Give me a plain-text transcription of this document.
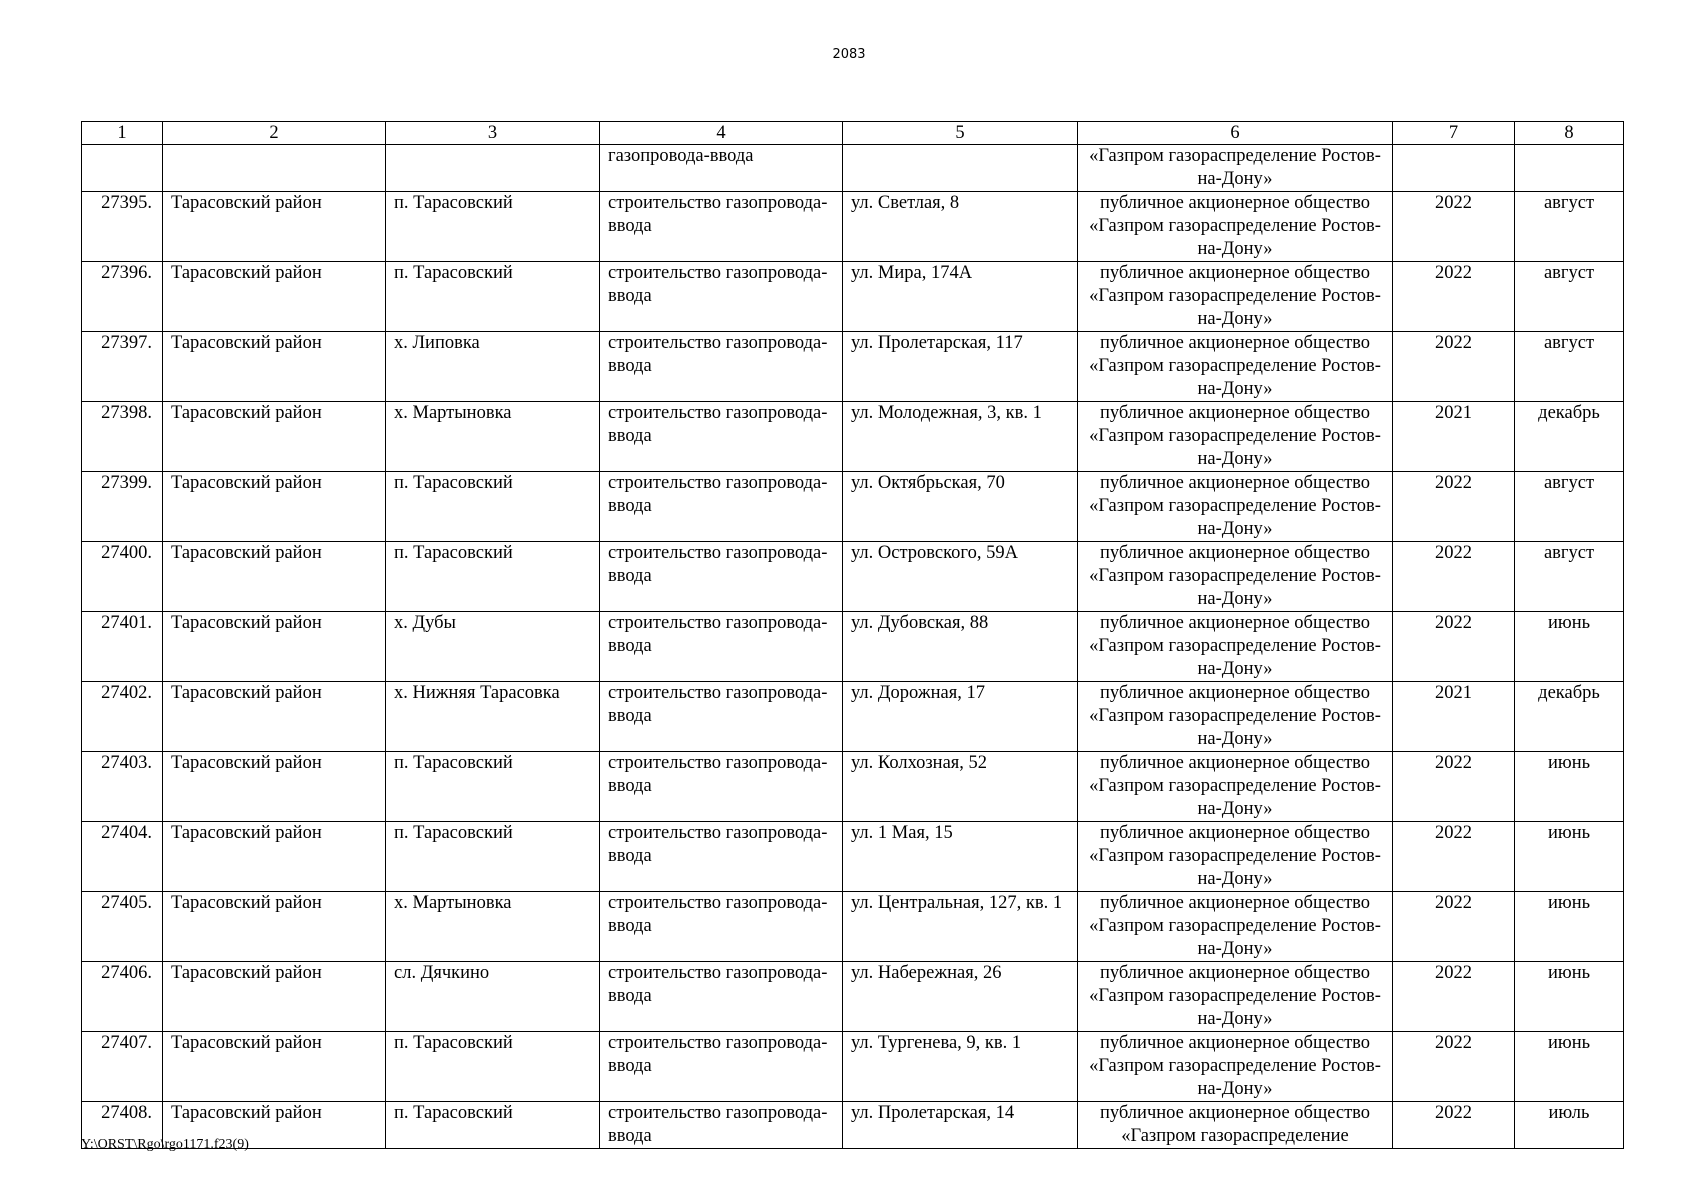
2083
1	2	3	4	5	6	7	8
			газопровода-ввода		«Газпром газораспределение Ростов-на-Дону»		
27395.	Тарасовский район	п. Тарасовский	строительство газопровода-ввода	ул. Светлая, 8	публичное акционерное общество «Газпром газораспределение Ростов-на-Дону»	2022	август
27396.	Тарасовский район	п. Тарасовский	строительство газопровода-ввода	ул. Мира, 174А	публичное акционерное общество «Газпром газораспределение Ростов-на-Дону»	2022	август
27397.	Тарасовский район	х. Липовка	строительство газопровода-ввода	ул. Пролетарская, 117	публичное акционерное общество «Газпром газораспределение Ростов-на-Дону»	2022	август
27398.	Тарасовский район	х. Мартыновка	строительство газопровода-ввода	ул. Молодежная, 3, кв. 1	публичное акционерное общество «Газпром газораспределение Ростов-на-Дону»	2021	декабрь
27399.	Тарасовский район	п. Тарасовский	строительство газопровода-ввода	ул. Октябрьская, 70	публичное акционерное общество «Газпром газораспределение Ростов-на-Дону»	2022	август
27400.	Тарасовский район	п. Тарасовский	строительство газопровода-ввода	ул. Островского, 59А	публичное акционерное общество «Газпром газораспределение Ростов-на-Дону»	2022	август
27401.	Тарасовский район	х. Дубы	строительство газопровода-ввода	ул. Дубовская, 88	публичное акционерное общество «Газпром газораспределение Ростов-на-Дону»	2022	июнь
27402.	Тарасовский район	х. Нижняя Тарасовка	строительство газопровода-ввода	ул. Дорожная, 17	публичное акционерное общество «Газпром газораспределение Ростов-на-Дону»	2021	декабрь
27403.	Тарасовский район	п. Тарасовский	строительство газопровода-ввода	ул. Колхозная, 52	публичное акционерное общество «Газпром газораспределение Ростов-на-Дону»	2022	июнь
27404.	Тарасовский район	п. Тарасовский	строительство газопровода-ввода	ул. 1 Мая, 15	публичное акционерное общество «Газпром газораспределение Ростов-на-Дону»	2022	июнь
27405.	Тарасовский район	х. Мартыновка	строительство газопровода-ввода	ул. Центральная, 127, кв. 1	публичное акционерное общество «Газпром газораспределение Ростов-на-Дону»	2022	июнь
27406.	Тарасовский район	сл. Дячкино	строительство газопровода-ввода	ул. Набережная, 26	публичное акционерное общество «Газпром газораспределение Ростов-на-Дону»	2022	июнь
27407.	Тарасовский район	п. Тарасовский	строительство газопровода-ввода	ул. Тургенева, 9, кв. 1	публичное акционерное общество «Газпром газораспределение Ростов-на-Дону»	2022	июнь
27408.	Тарасовский район	п. Тарасовский	строительство газопровода-ввода	ул. Пролетарская, 14	публичное акционерное общество «Газпром газораспределение	2022	июль
Y:\ORST\Rgo\rgo1171.f23(9)
